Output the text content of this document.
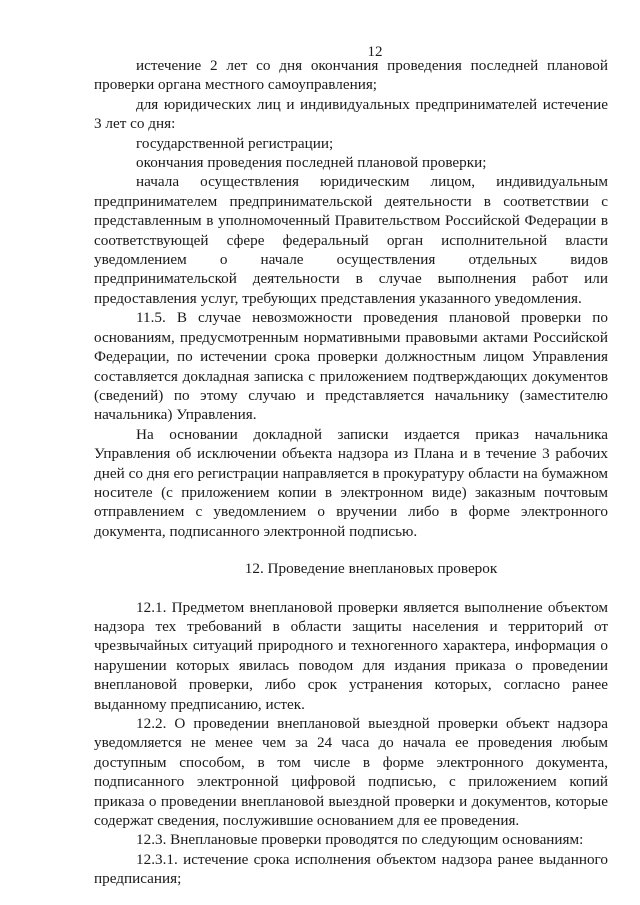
12

истечение 2 лет со дня окончания проведения последней плановой проверки органа местного самоуправления;

для юридических лиц и индивидуальных предпринимателей истечение 3 лет со дня:

государственной регистрации;

окончания проведения последней плановой проверки;

начала осуществления юридическим лицом, индивидуальным предпринимателем предпринимательской деятельности в соответствии с представленным в уполномоченный Правительством Российской Федерации в соответствующей сфере федеральный орган исполнительной власти уведомлением о начале осуществления отдельных видов предпринимательской деятельности в случае выполнения работ или предоставления услуг, требующих представления указанного уведомления.

11.5. В случае невозможности проведения плановой проверки по основаниям, предусмотренным нормативными правовыми актами Российской Федерации, по истечении срока проверки должностным лицом Управления составляется докладная записка с приложением подтверждающих документов (сведений) по этому случаю и представляется начальнику (заместителю начальника) Управления.

На основании докладной записки издается приказ начальника Управления об исключении объекта надзора из Плана и в течение 3 рабочих дней со дня его регистрации направляется в прокуратуру области на бумажном носителе (с приложением копии в электронном виде) заказным почтовым отправлением с уведомлением о вручении либо в форме электронного документа, подписанного электронной подписью.

12. Проведение внеплановых проверок

12.1. Предметом внеплановой проверки является выполнение объектом надзора тех требований в области защиты населения и территорий от чрезвычайных ситуаций природного и техногенного характера, информация о нарушении которых явилась поводом для издания приказа о проведении внеплановой проверки, либо срок устранения которых, согласно ранее выданному предписанию, истек.

12.2. О проведении внеплановой выездной проверки объект надзора уведомляется не менее чем за 24 часа до начала ее проведения любым доступным способом, в том числе в форме электронного документа, подписанного электронной цифровой подписью, с приложением копий приказа о проведении внеплановой выездной проверки и документов, которые содержат сведения, послужившие основанием для ее проведения.

12.3. Внеплановые проверки проводятся по следующим основаниям:

12.3.1. истечение срока исполнения объектом надзора ранее выданного предписания;
